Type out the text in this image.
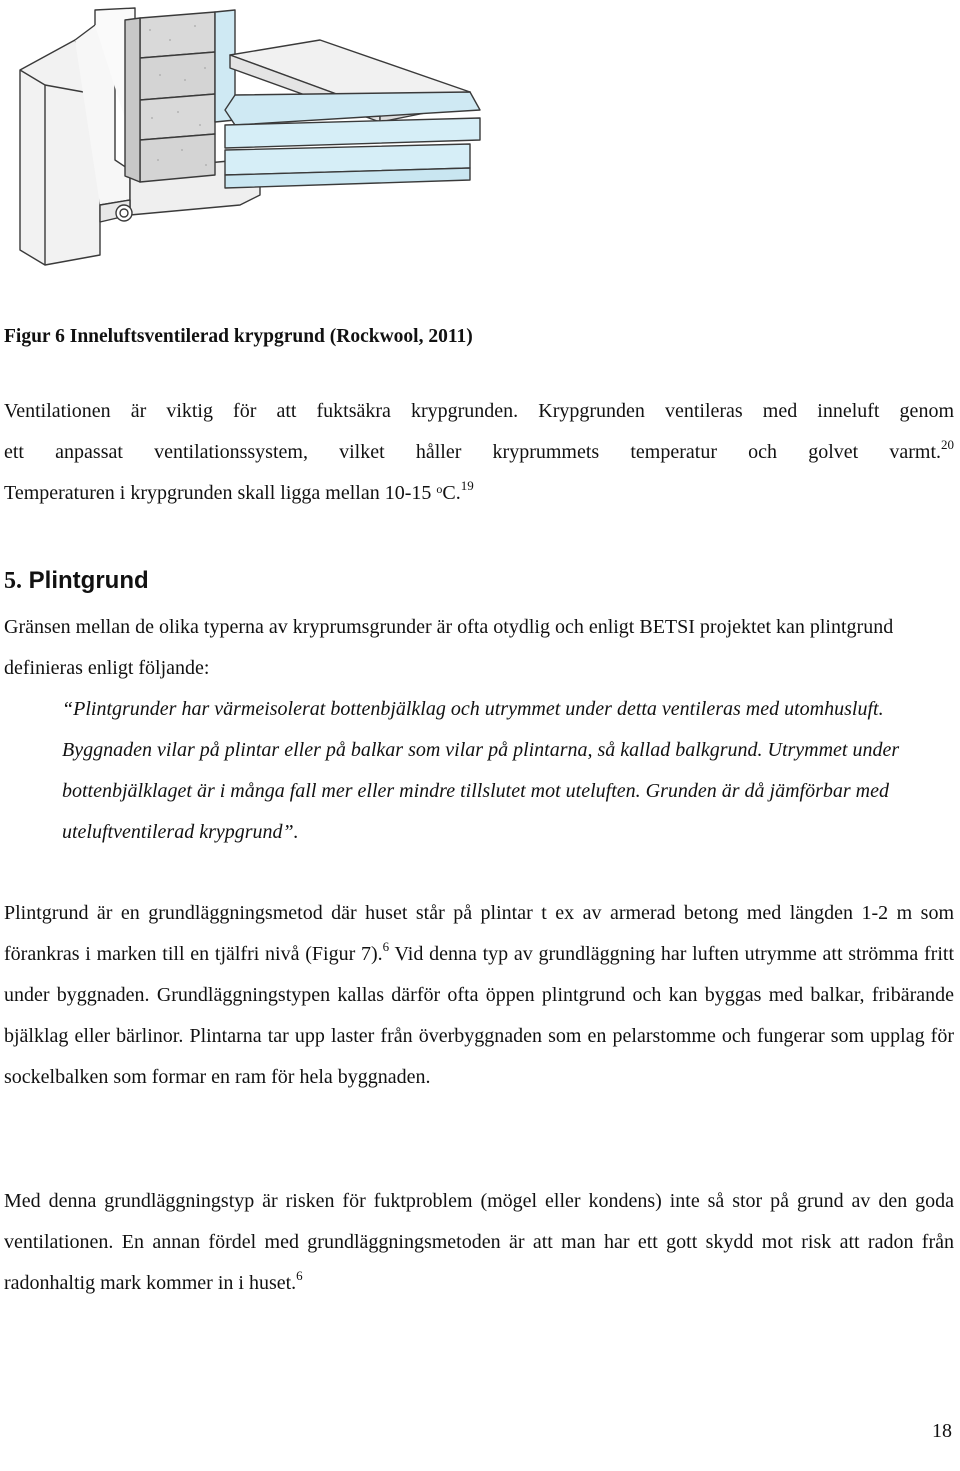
Figur 6 Inneluftsventilerad krypgrund (Rockwool, 2011)

Ventilationen är viktig för att fuktsäkra krypgrunden. Krypgrunden ventileras med inneluft genom

ett anpassat ventilationssystem, vilket håller kryprummets temperatur och golvet varmt.$^{20}$

Temperaturen i krypgrunden skall ligga mellan 10-15 $^o$C.$^{19}$

5. Plintgrund

Gränsen mellan de olika typerna av kryprumsgrunder är ofta otydlig och enligt BETSI projektet kan plintgrund definieras enligt följande:

“Plintgrunder har värmeisolerat bottenbjälklag och utrymmet under detta ventileras med utomhusluft. Byggnaden vilar på plintar eller på balkar som vilar på plintarna, så kallad balkgrund. Utrymmet under bottenbjälklaget är i många fall mer eller mindre tillslutet mot uteluften. Grunden är då jämförbar med uteluftventilerad krypgrund”.

Plintgrund är en grundläggningsmetod där huset står på plintar t ex av armerad betong med längden 1-2 m som förankras i marken till en tjälfri nivå (Figur 7).$^6$ Vid denna typ av grundläggning har luften utrymme att strömma fritt under byggnaden. Grundläggningstypen kallas därför ofta öppen plintgrund och kan byggas med balkar, fribärande bjälklag eller bärlinor. Plintarna tar upp laster från överbyggnaden som en pelarstomme och fungerar som upplag för sockelbalken som formar en ram för hela byggnaden.

Med denna grundläggningstyp är risken för fuktproblem (mögel eller kondens) inte så stor på grund av den goda ventilationen. En annan fördel med grundläggningsmetoden är att man har ett gott skydd mot risk att radon från radonhaltig mark kommer in i huset.$^6$

18
